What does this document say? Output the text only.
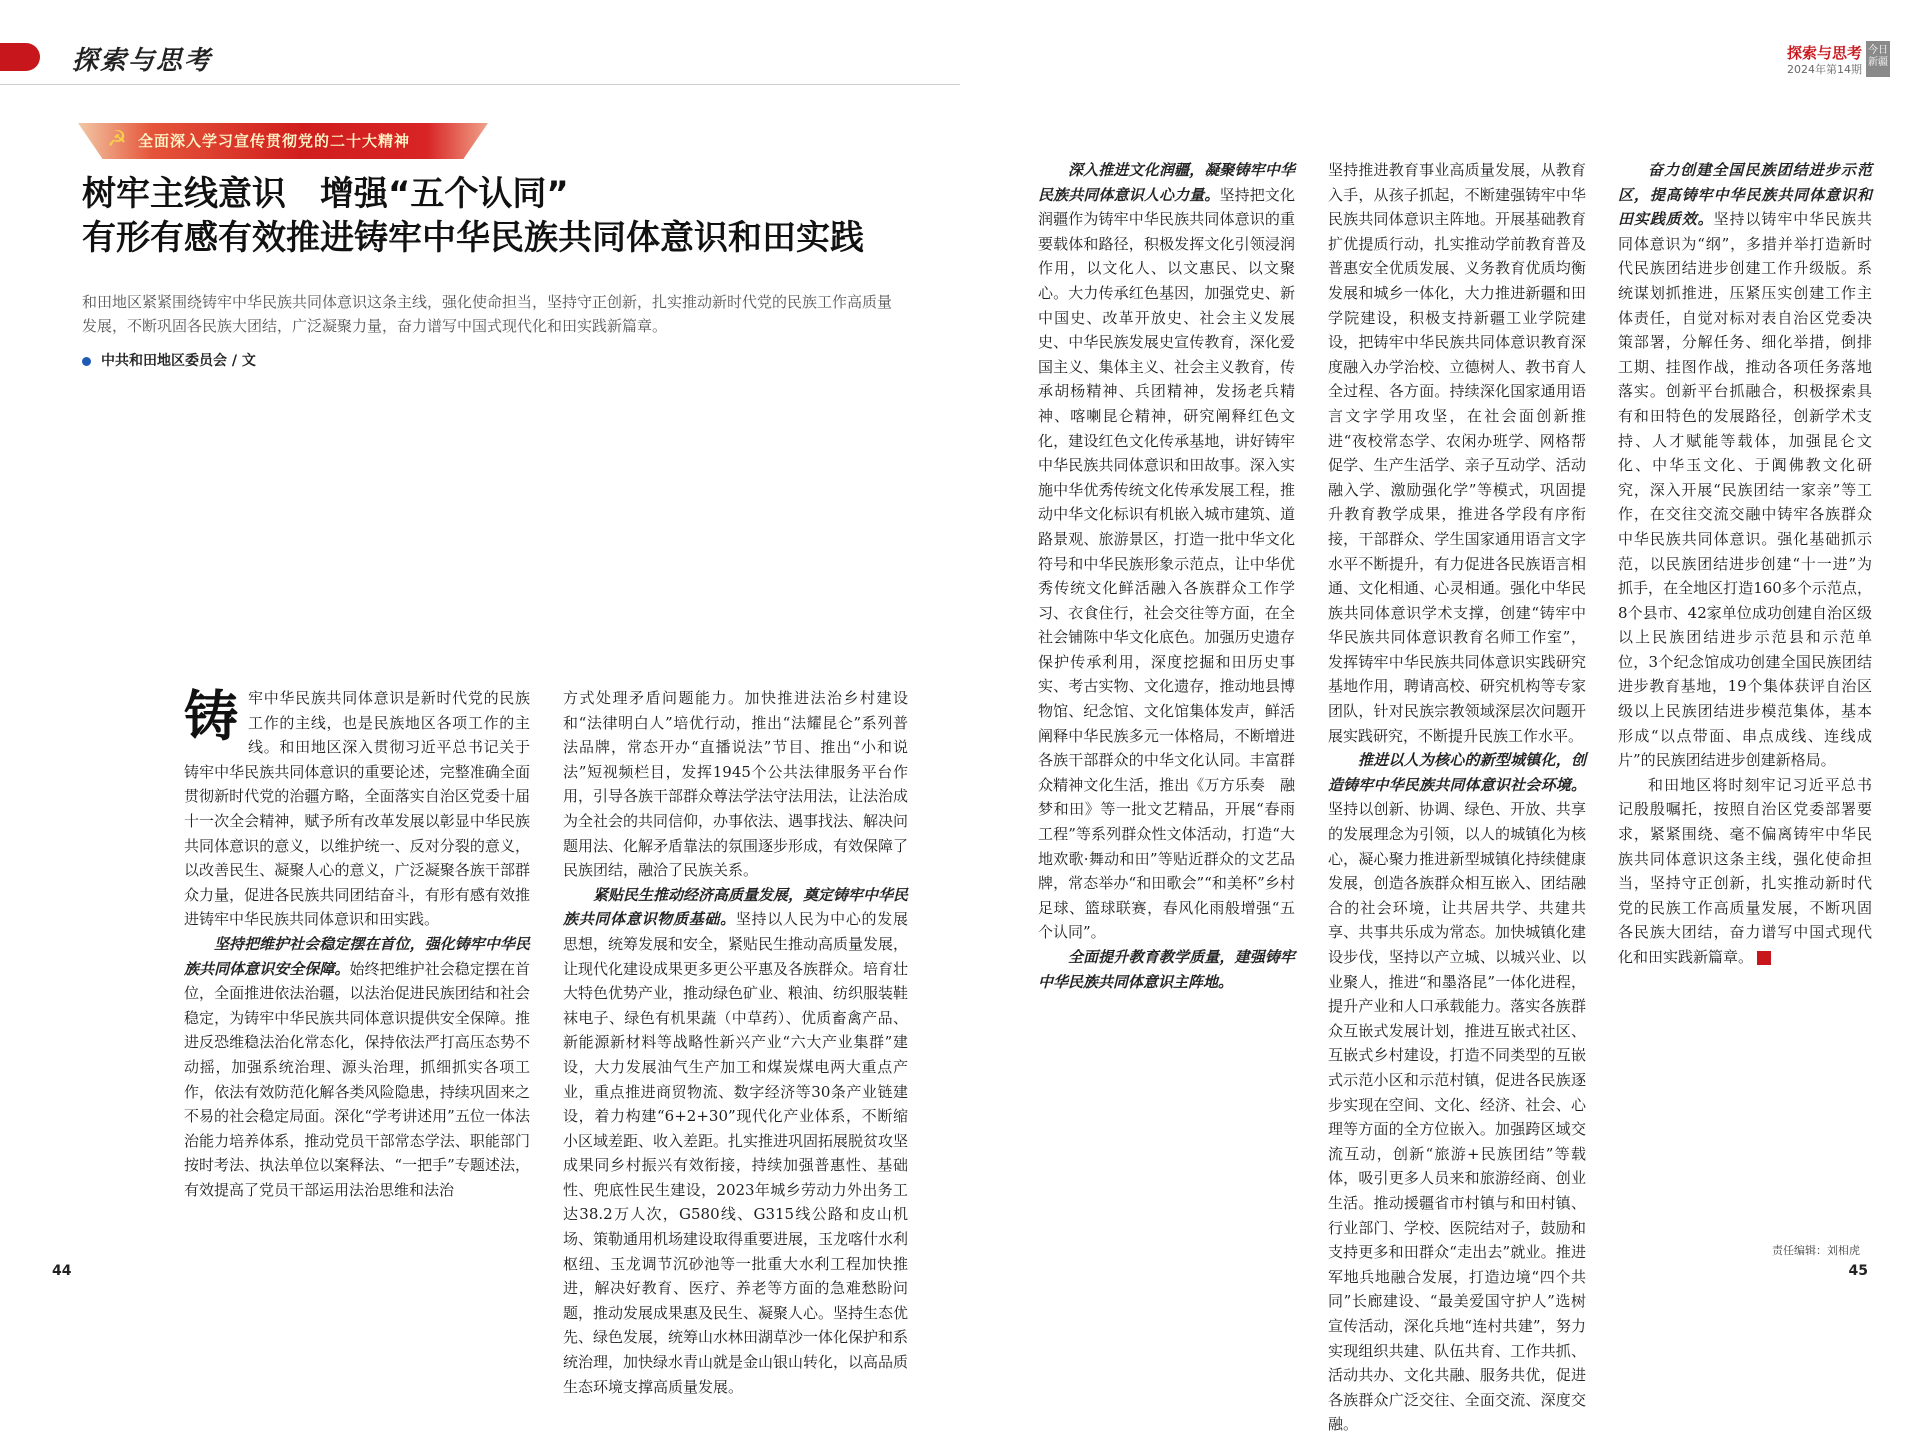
探索与思考
☭ 全面深入学习宣传贯彻党的二十大精神
树牢主线意识　增强“五个认同”
有形有感有效推进铸牢中华民族共同体意识和田实践
和田地区紧紧围绕铸牢中华民族共同体意识这条主线，强化使命担当，坚持守正创新，扎实推动新时代党的民族工作高质量发展，不断巩固各民族大团结，广泛凝聚力量，奋力谱写中国式现代化和田实践新篇章。
中共和田地区委员会 / 文

铸牢中华民族共同体意识是新时代党的民族工作的主线，也是民族地区各项工作的主线。和田地区深入贯彻习近平总书记关于铸牢中华民族共同体意识的重要论述，完整准确全面贯彻新时代党的治疆方略，全面落实自治区党委十届十一次全会精神，赋予所有改革发展以彰显中华民族共同体意识的意义，以维护统一、反对分裂的意义，以改善民生、凝聚人心的意义，广泛凝聚各族干部群众力量，促进各民族共同团结奋斗，有形有感有效推进铸牢中华民族共同体意识和田实践。

坚持把维护社会稳定摆在首位，强化铸牢中华民族共同体意识安全保障。始终把维护社会稳定摆在首位，全面推进依法治疆，以法治促进民族团结和社会稳定，为铸牢中华民族共同体意识提供安全保障。推进反恐维稳法治化常态化，保持依法严打高压态势不动摇，加强系统治理、源头治理，抓细抓实各项工作，依法有效防范化解各类风险隐患，持续巩固来之不易的社会稳定局面。深化“学考讲述用”五位一体法治能力培养体系，推动党员干部常态学法、职能部门按时考法、执法单位以案释法、“一把手”专题述法，有效提高了党员干部运用法治思维和法治

方式处理矛盾问题能力。加快推进法治乡村建设和“法律明白人”培优行动，推出“法耀昆仑”系列普法品牌，常态开办“直播说法”节目、推出“小和说法”短视频栏目，发挥1945个公共法律服务平台作用，引导各族干部群众尊法学法守法用法，让法治成为全社会的共同信仰，办事依法、遇事找法、解决问题用法、化解矛盾靠法的氛围逐步形成，有效保障了民族团结，融洽了民族关系。

紧贴民生推动经济高质量发展，奠定铸牢中华民族共同体意识物质基础。坚持以人民为中心的发展思想，统筹发展和安全，紧贴民生推动高质量发展，让现代化建设成果更多更公平惠及各族群众。培育壮大特色优势产业，推动绿色矿业、粮油、纺织服装鞋袜电子、绿色有机果蔬（中草药）、优质畜禽产品、新能源新材料等战略性新兴产业“六大产业集群”建设，大力发展油气生产加工和煤炭煤电两大重点产业，重点推进商贸物流、数字经济等30条产业链建设，着力构建“6+2+30”现代化产业体系，不断缩小区域差距、收入差距。扎实推进巩固拓展脱贫攻坚成果同乡村振兴有效衔接，持续加强普惠性、基础性、兜底性民生建设，2023年城乡劳动力外出务工达38.2万人次，G580线、G315线公路和皮山机场、策勒通用机场建设取得重要进展，玉龙喀什水利枢纽、玉龙调节沉砂池等一批重大水利工程加快推进，解决好教育、医疗、养老等方面的急难愁盼问题，推动发展成果惠及民生、凝聚人心。坚持生态优先、绿色发展，统筹山水林田湖草沙一体化保护和系统治理，加快绿水青山就是金山银山转化，以高品质生态环境支撑高质量发展。

44
探索与思考
2024年第14期
今日新疆
45
责任编辑：刘相虎

深入推进文化润疆，凝聚铸牢中华民族共同体意识人心力量。坚持把文化润疆作为铸牢中华民族共同体意识的重要载体和路径，积极发挥文化引领浸润作用，以文化人、以文惠民、以文聚心。大力传承红色基因，加强党史、新中国史、改革开放史、社会主义发展史、中华民族发展史宣传教育，深化爱国主义、集体主义、社会主义教育，传承胡杨精神、兵团精神，发扬老兵精神、喀喇昆仑精神，研究阐释红色文化，建设红色文化传承基地，讲好铸牢中华民族共同体意识和田故事。深入实施中华优秀传统文化传承发展工程，推动中华文化标识有机嵌入城市建筑、道路景观、旅游景区，打造一批中华文化符号和中华民族形象示范点，让中华优秀传统文化鲜活融入各族群众工作学习、衣食住行，社会交往等方面，在全社会铺陈中华文化底色。加强历史遗存保护传承利用，深度挖掘和田历史事实、考古实物、文化遗存，推动地县博物馆、纪念馆、文化馆集体发声，鲜活阐释中华民族多元一体格局，不断增进各族干部群众的中华文化认同。丰富群众精神文化生活，推出《万方乐奏　融梦和田》等一批文艺精品，开展“春雨工程”等系列群众性文体活动，打造“大地欢歌·舞动和田”等贴近群众的文艺品牌，常态举办“和田歌会”“和美杯”乡村足球、篮球联赛，春风化雨般增强“五个认同”。

全面提升教育教学质量，建强铸牢中华民族共同体意识主阵地。

坚持推进教育事业高质量发展，从教育入手，从孩子抓起，不断建强铸牢中华民族共同体意识主阵地。开展基础教育扩优提质行动，扎实推动学前教育普及普惠安全优质发展、义务教育优质均衡发展和城乡一体化，大力推进新疆和田学院建设，积极支持新疆工业学院建设，把铸牢中华民族共同体意识教育深度融入办学治校、立德树人、教书育人全过程、各方面。持续深化国家通用语言文字学用攻坚，在社会面创新推进“夜校常态学、农闲办班学、网格帮促学、生产生活学、亲子互动学、活动融入学、激励强化学”等模式，巩固提升教育教学成果，推进各学段有序衔接，干部群众、学生国家通用语言文字水平不断提升，有力促进各民族语言相通、文化相通、心灵相通。强化中华民族共同体意识学术支撑，创建“铸牢中华民族共同体意识教育名师工作室”，发挥铸牢中华民族共同体意识实践研究基地作用，聘请高校、研究机构等专家团队，针对民族宗教领域深层次问题开展实践研究，不断提升民族工作水平。

推进以人为核心的新型城镇化，创造铸牢中华民族共同体意识社会环境。坚持以创新、协调、绿色、开放、共享的发展理念为引领，以人的城镇化为核心，凝心聚力推进新型城镇化持续健康发展，创造各族群众相互嵌入、团结融合的社会环境，让共居共学、共建共享、共事共乐成为常态。加快城镇化建设步伐，坚持以产立城、以城兴业、以业聚人，推进“和墨洛昆”一体化进程，提升产业和人口承载能力。落实各族群众互嵌式发展计划，推进互嵌式社区、互嵌式乡村建设，打造不同类型的互嵌式示范小区和示范村镇，促进各民族逐步实现在空间、文化、经济、社会、心理等方面的全方位嵌入。加强跨区域交流互动，创新“旅游+民族团结”等载体，吸引更多人员来和旅游经商、创业生活。推动援疆省市村镇与和田村镇、行业部门、学校、医院结对子，鼓励和支持更多和田群众“走出去”就业。推进军地兵地融合发展，打造边境“四个共同”长廊建设、“最美爱国守护人”选树宣传活动，深化兵地“连村共建”，努力实现组织共建、队伍共育、工作共抓、活动共办、文化共融、服务共优，促进各族群众广泛交往、全面交流、深度交融。

奋力创建全国民族团结进步示范区，提高铸牢中华民族共同体意识和田实践质效。坚持以铸牢中华民族共同体意识为“纲”，多措并举打造新时代民族团结进步创建工作升级版。系统谋划抓推进，压紧压实创建工作主体责任，自觉对标对表自治区党委决策部署，分解任务、细化举措，倒排工期、挂图作战，推动各项任务落地落实。创新平台抓融合，积极探索具有和田特色的发展路径，创新学术支持、人才赋能等载体，加强昆仑文化、中华玉文化、于阗佛教文化研究，深入开展“民族团结一家亲”等工作，在交往交流交融中铸牢各族群众中华民族共同体意识。强化基础抓示范，以民族团结进步创建“十一进”为抓手，在全地区打造160多个示范点，8个县市、42家单位成功创建自治区级以上民族团结进步示范县和示范单位，3个纪念馆成功创建全国民族团结进步教育基地，19个集体获评自治区级以上民族团结进步模范集体，基本形成“以点带面、串点成线、连线成片”的民族团结进步创建新格局。

和田地区将时刻牢记习近平总书记殷殷嘱托，按照自治区党委部署要求，紧紧围绕、毫不偏离铸牢中华民族共同体意识这条主线，强化使命担当，坚持守正创新，扎实推动新时代党的民族工作高质量发展，不断巩固各民族大团结，奋力谱写中国式现代化和田实践新篇章。
